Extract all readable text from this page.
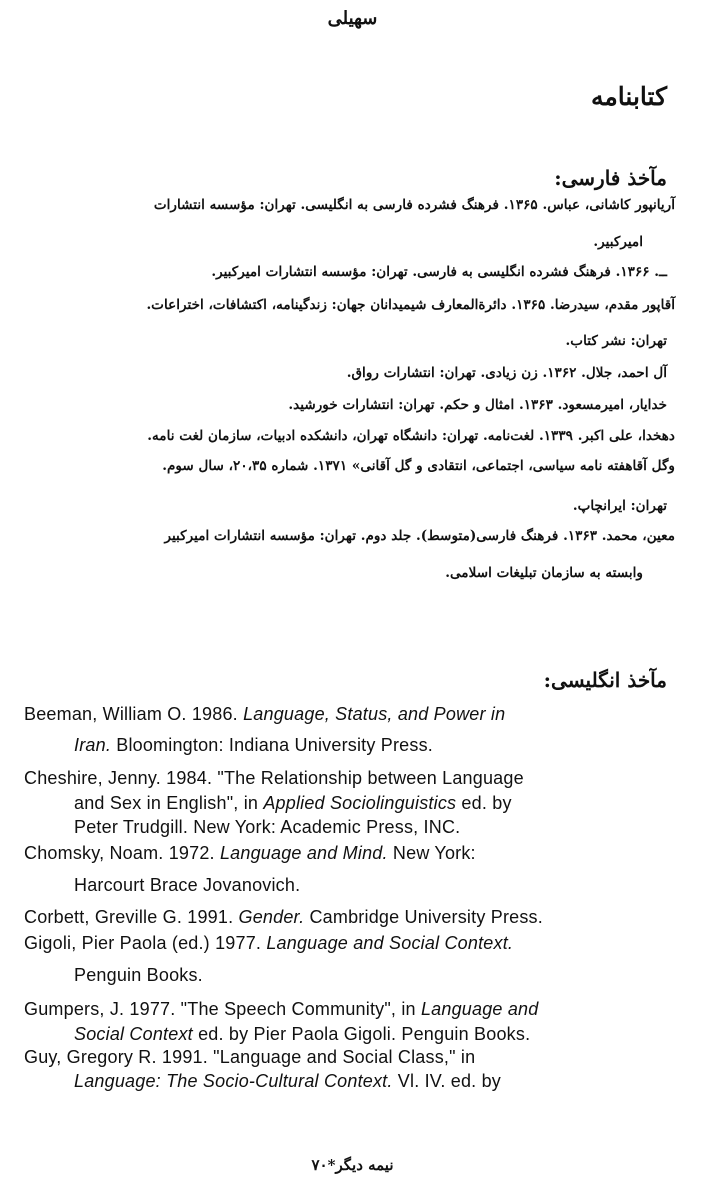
سهیلی
کتابنامه
مآخذ فارسی:
آریانپور کاشانی، عباس. ۱۳۶۵. فرهنگ فشرده فارسی به انگلیسی. تهران: مؤسسه انتشارات
امیرکبیر.
ــ. ۱۳۶۶. فرهنگ فشرده انگلیسی به فارسی. تهران: مؤسسه انتشارات امیرکبیر.
آقاپور مقدم، سیدرضا. ۱۳۶۵. دائرة‌المعارف شیمیدانان جهان: زندگینامه، اکتشافات، اختراعات.
تهران: نشر کتاب.
آل احمد، جلال. ۱۳۶۲. زن زیادی. تهران: انتشارات رواق.
خدایار، امیرمسعود. ۱۳۶۳. امثال و حکم. تهران: انتشارات خورشید.
دهخدا، علی اکبر. ۱۳۳۹. لغت‌نامه. تهران: دانشگاه تهران، دانشکده ادبیات، سازمان لغت نامه.
وگل آقاهفته نامه سیاسی، اجتماعی، انتقادی و گل آقانی» ۱۳۷۱. شماره ۲۰،۳۵، سال سوم.
تهران: ایرانچاپ.
معین، محمد. ۱۳۶۳. فرهنگ فارسی(متوسط). جلد دوم. تهران: مؤسسه انتشارات امیرکبیر
وابسته به سازمان تبلیغات اسلامی.
مآخذ انگلیسی:
Beeman, William O. 1986. Language, Status, and Power in
Iran. Bloomington: Indiana University Press.
Cheshire, Jenny. 1984. "The Relationship between Language
and Sex in English", in Applied Sociolinguistics ed. by
Peter Trudgill. New York: Academic Press, INC.
Chomsky, Noam. 1972. Language and Mind. New York:
Harcourt Brace Jovanovich.
Corbett, Greville G. 1991. Gender. Cambridge University Press.
Gigoli, Pier Paola (ed.) 1977. Language and Social Context.
Penguin Books.
Gumpers, J. 1977. "The Speech Community", in Language and
Social Context ed. by Pier Paola Gigoli. Penguin Books.
Guy, Gregory R. 1991. "Language and Social Class," in
Language: The Socio-Cultural Context. Vl. IV. ed. by
نیمه دیگر*۷۰
